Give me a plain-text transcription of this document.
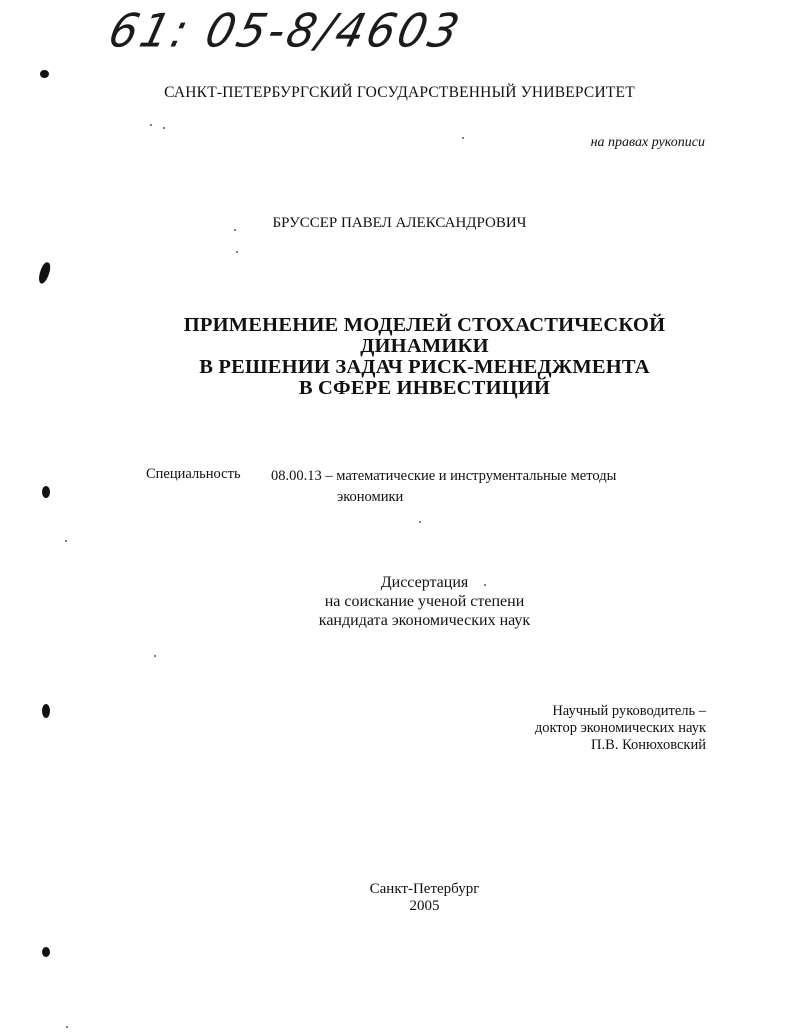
61: 05-8/4603
САНКТ-ПЕТЕРБУРГСКИЙ ГОСУДАРСТВЕННЫЙ УНИВЕРСИТЕТ
на правах рукописи
БРУССЕР ПАВЕЛ АЛЕКСАНДРОВИЧ
ПРИМЕНЕНИЕ МОДЕЛЕЙ СТОХАСТИЧЕСКОЙ
ДИНАМИКИ
В РЕШЕНИИ ЗАДАЧ РИСК-МЕНЕДЖМЕНТА
В СФЕРЕ ИНВЕСТИЦИЙ
Специальность 08.00.13 – математические и инструментальные методы
экономики
Диссертация
на соискание ученой степени
кандидата экономических наук
Научный руководитель –
доктор экономических наук
П.В. Конюховский
Санкт-Петербург
2005
